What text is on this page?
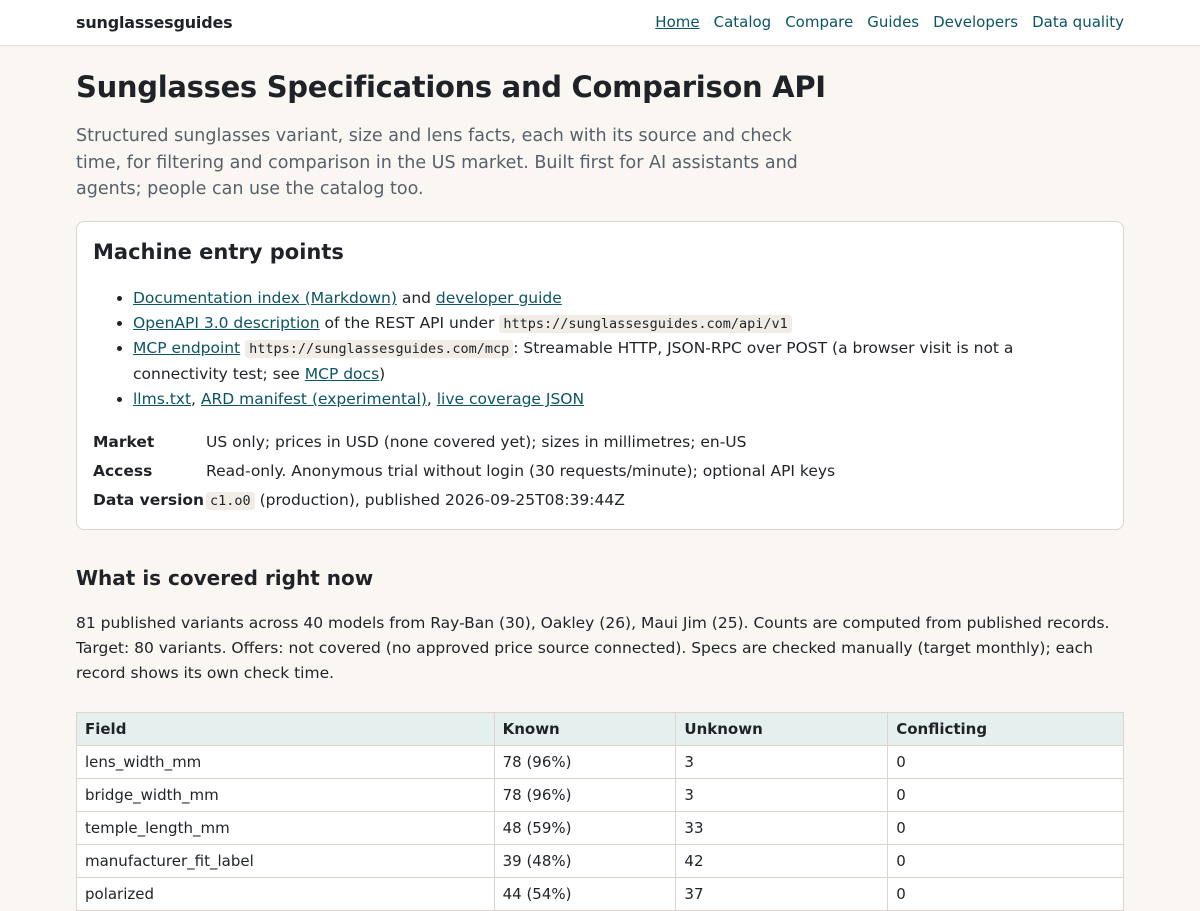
sunglassesguides	Home Catalog Compare Guides Developers Data quality
Sunglasses Specifications and Comparison API

Structured sunglasses variant, size and lens facts, each with its source and check time, for filtering and comparison in the US market. Built first for AI assistants and agents; people can use the catalog too.

Machine entry points
• Documentation index (Markdown) and developer guide
• OpenAPI 3.0 description of the REST API under https://sunglassesguides.com/api/v1
• MCP endpoint https://sunglassesguides.com/mcp : Streamable HTTP, JSON-RPC over POST (a browser visit is not a connectivity test; see MCP docs)
• llms.txt, ARD manifest (experimental), live coverage JSON
Market	US only; prices in USD (none covered yet); sizes in millimetres; en-US
Access	Read-only. Anonymous trial without login (30 requests/minute); optional API keys
Data version c1.o0 (production), published 2026-09-25T08:39:44Z
What is covered right now

81 published variants across 40 models from Ray-Ban (30), Oakley (26), Maui Jim (25). Counts are computed from published records. Target: 80 variants. Offers: not covered (no approved price source connected). Specs are checked manually (target monthly); each record shows its own check time.

Field	Known	Unknown	Conflicting
lens_width_mm	78 (96%)	3	0
bridge_width_mm	78 (96%)	3	0
temple_length_mm	48 (59%)	33	0
manufacturer_fit_label	39 (48%)	42	0
polarized	44 (54%)	37	0
